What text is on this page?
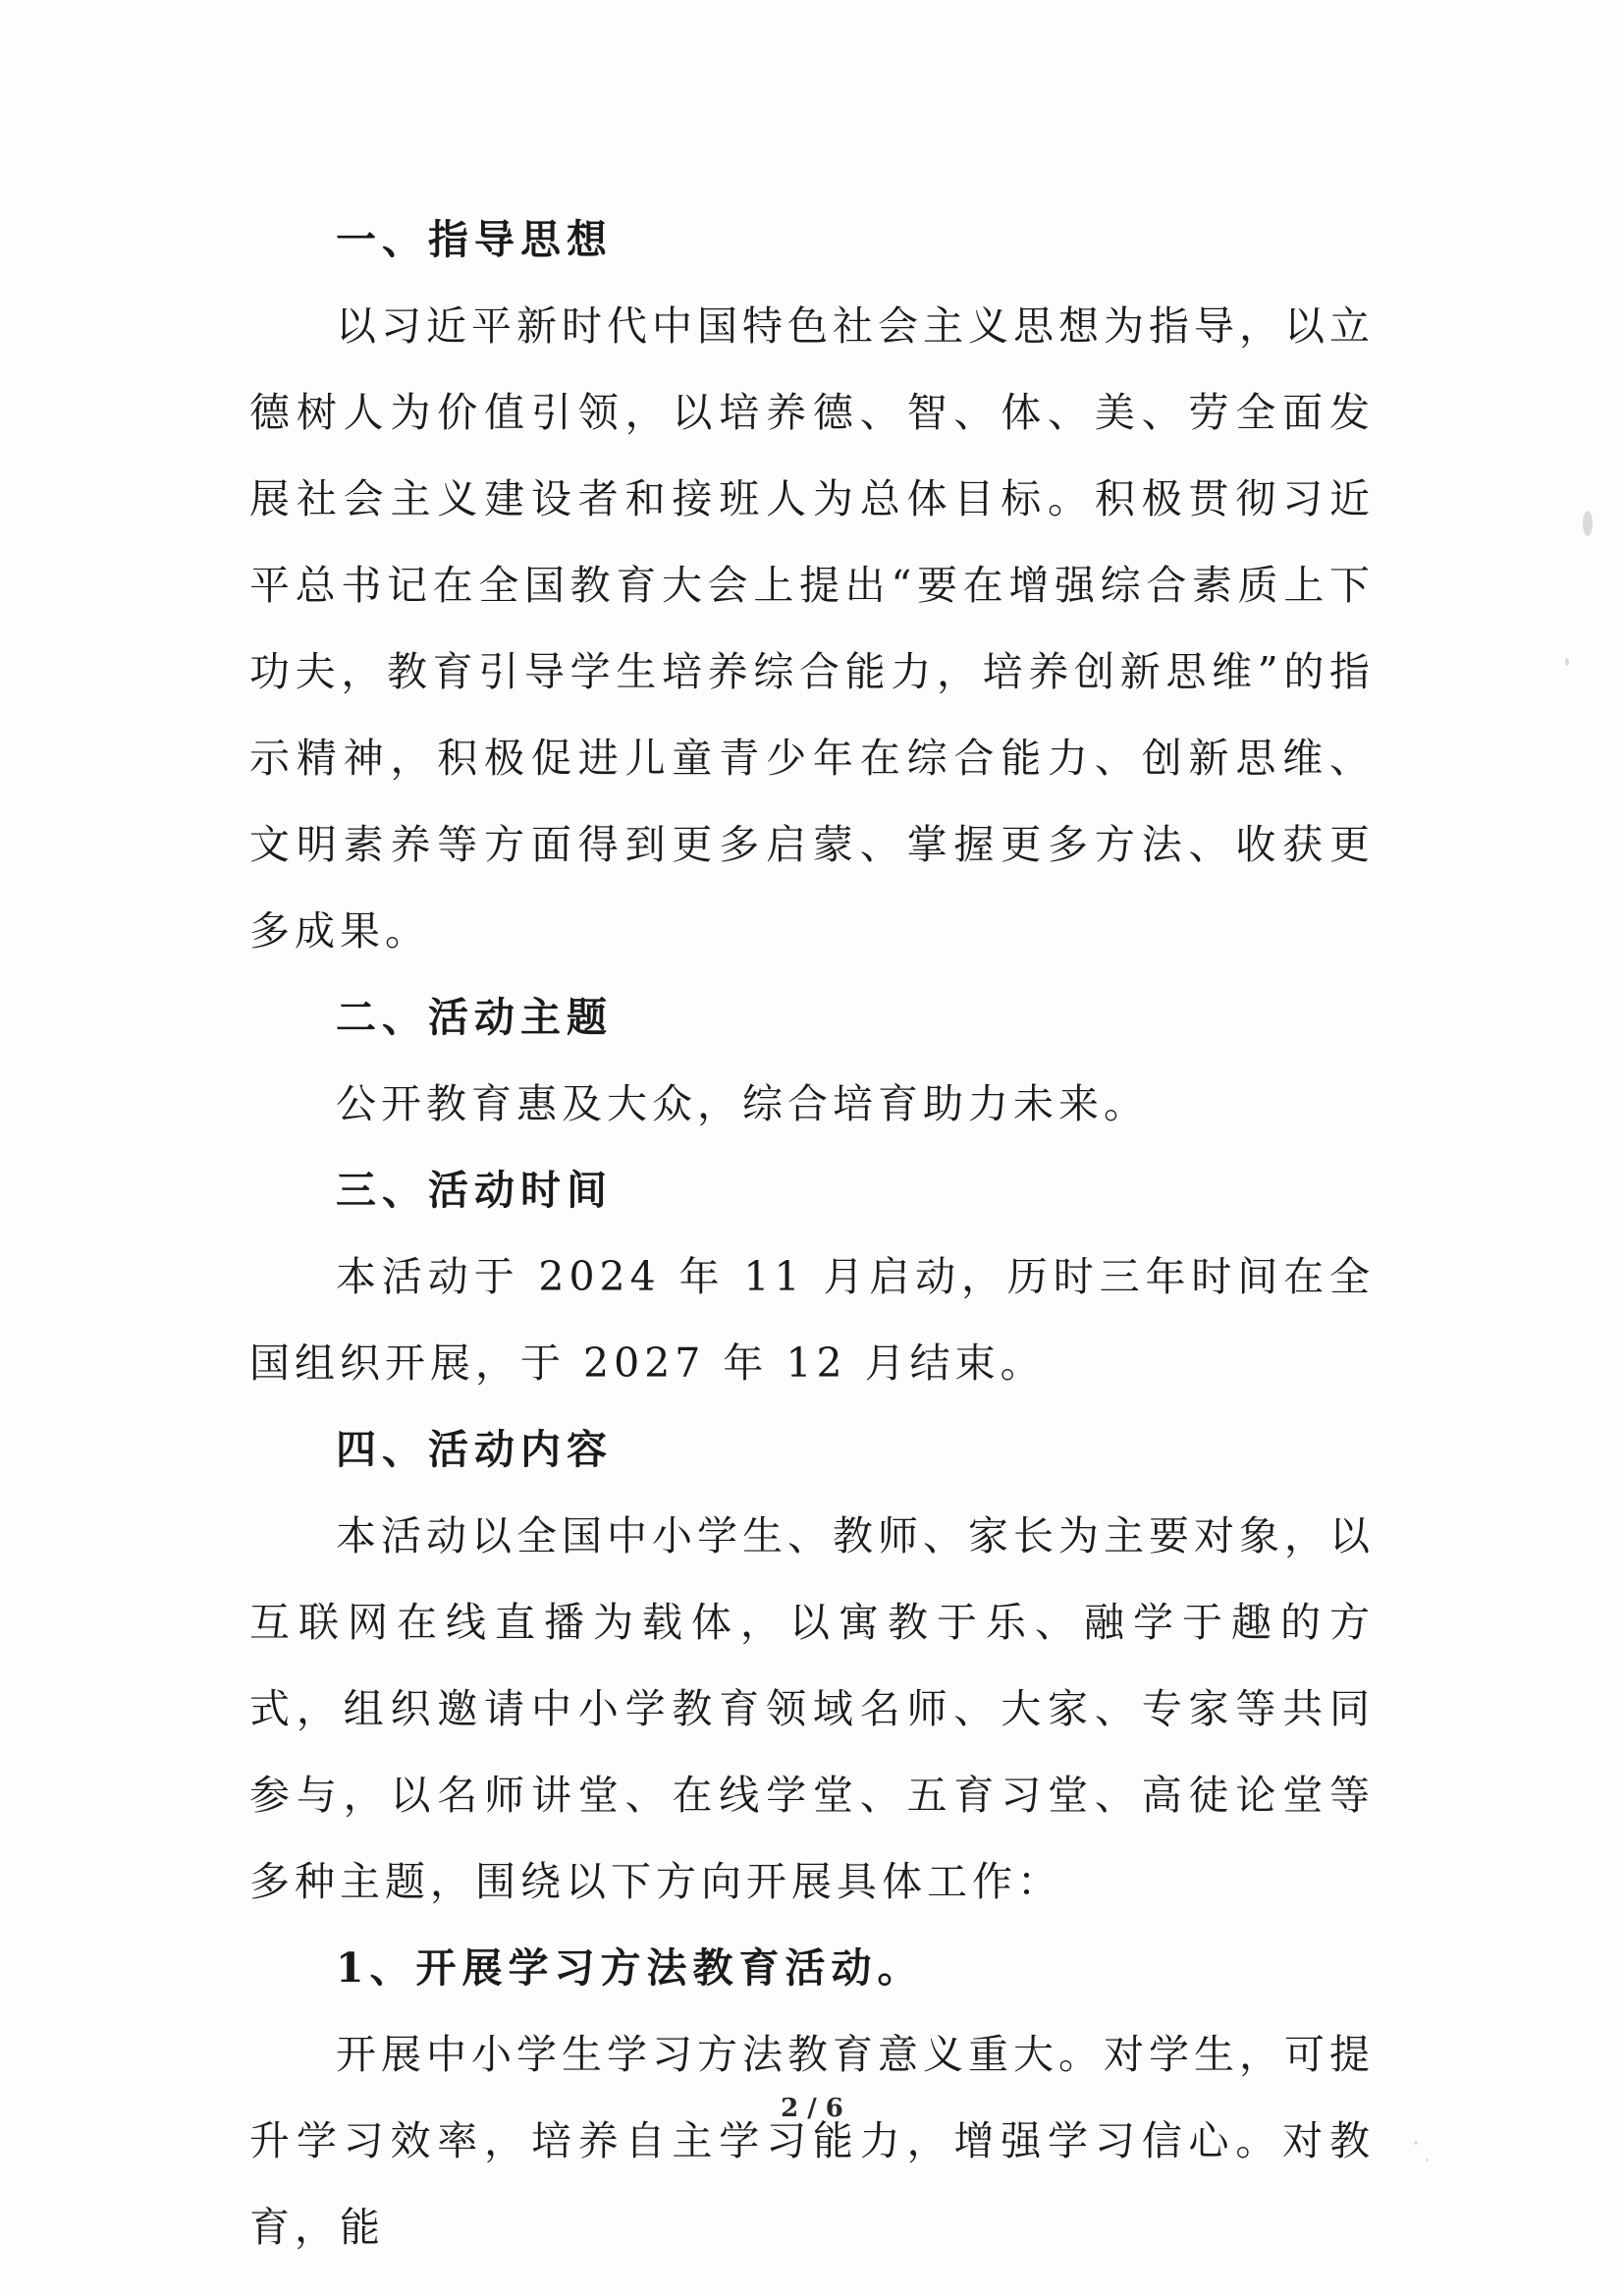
一、指导思想

以习近平新时代中国特色社会主义思想为指导，以立德树人为价值引领，以培养德、智、体、美、劳全面发展社会主义建设者和接班人为总体目标。积极贯彻习近平总书记在全国教育大会上提出“要在增强综合素质上下功夫，教育引导学生培养综合能力，培养创新思维”的指示精神，积极促进儿童青少年在综合能力、创新思维、文明素养等方面得到更多启蒙、掌握更多方法、收获更多成果。

二、活动主题

公开教育惠及大众，综合培育助力未来。

三、活动时间

本活动于 2024 年 11 月启动，历时三年时间在全国组织开展，于 2027 年 12 月结束。

四、活动内容

本活动以全国中小学生、教师、家长为主要对象，以互联网在线直播为载体，以寓教于乐、融学于趣的方式，组织邀请中小学教育领域名师、大家、专家等共同参与，以名师讲堂、在线学堂、五育习堂、高徒论堂等多种主题，围绕以下方向开展具体工作：

1、开展学习方法教育活动。

开展中小学生学习方法教育意义重大。对学生，可提升学习效率，培养自主学习能力，增强学习信心。对教育，能

2 / 6
